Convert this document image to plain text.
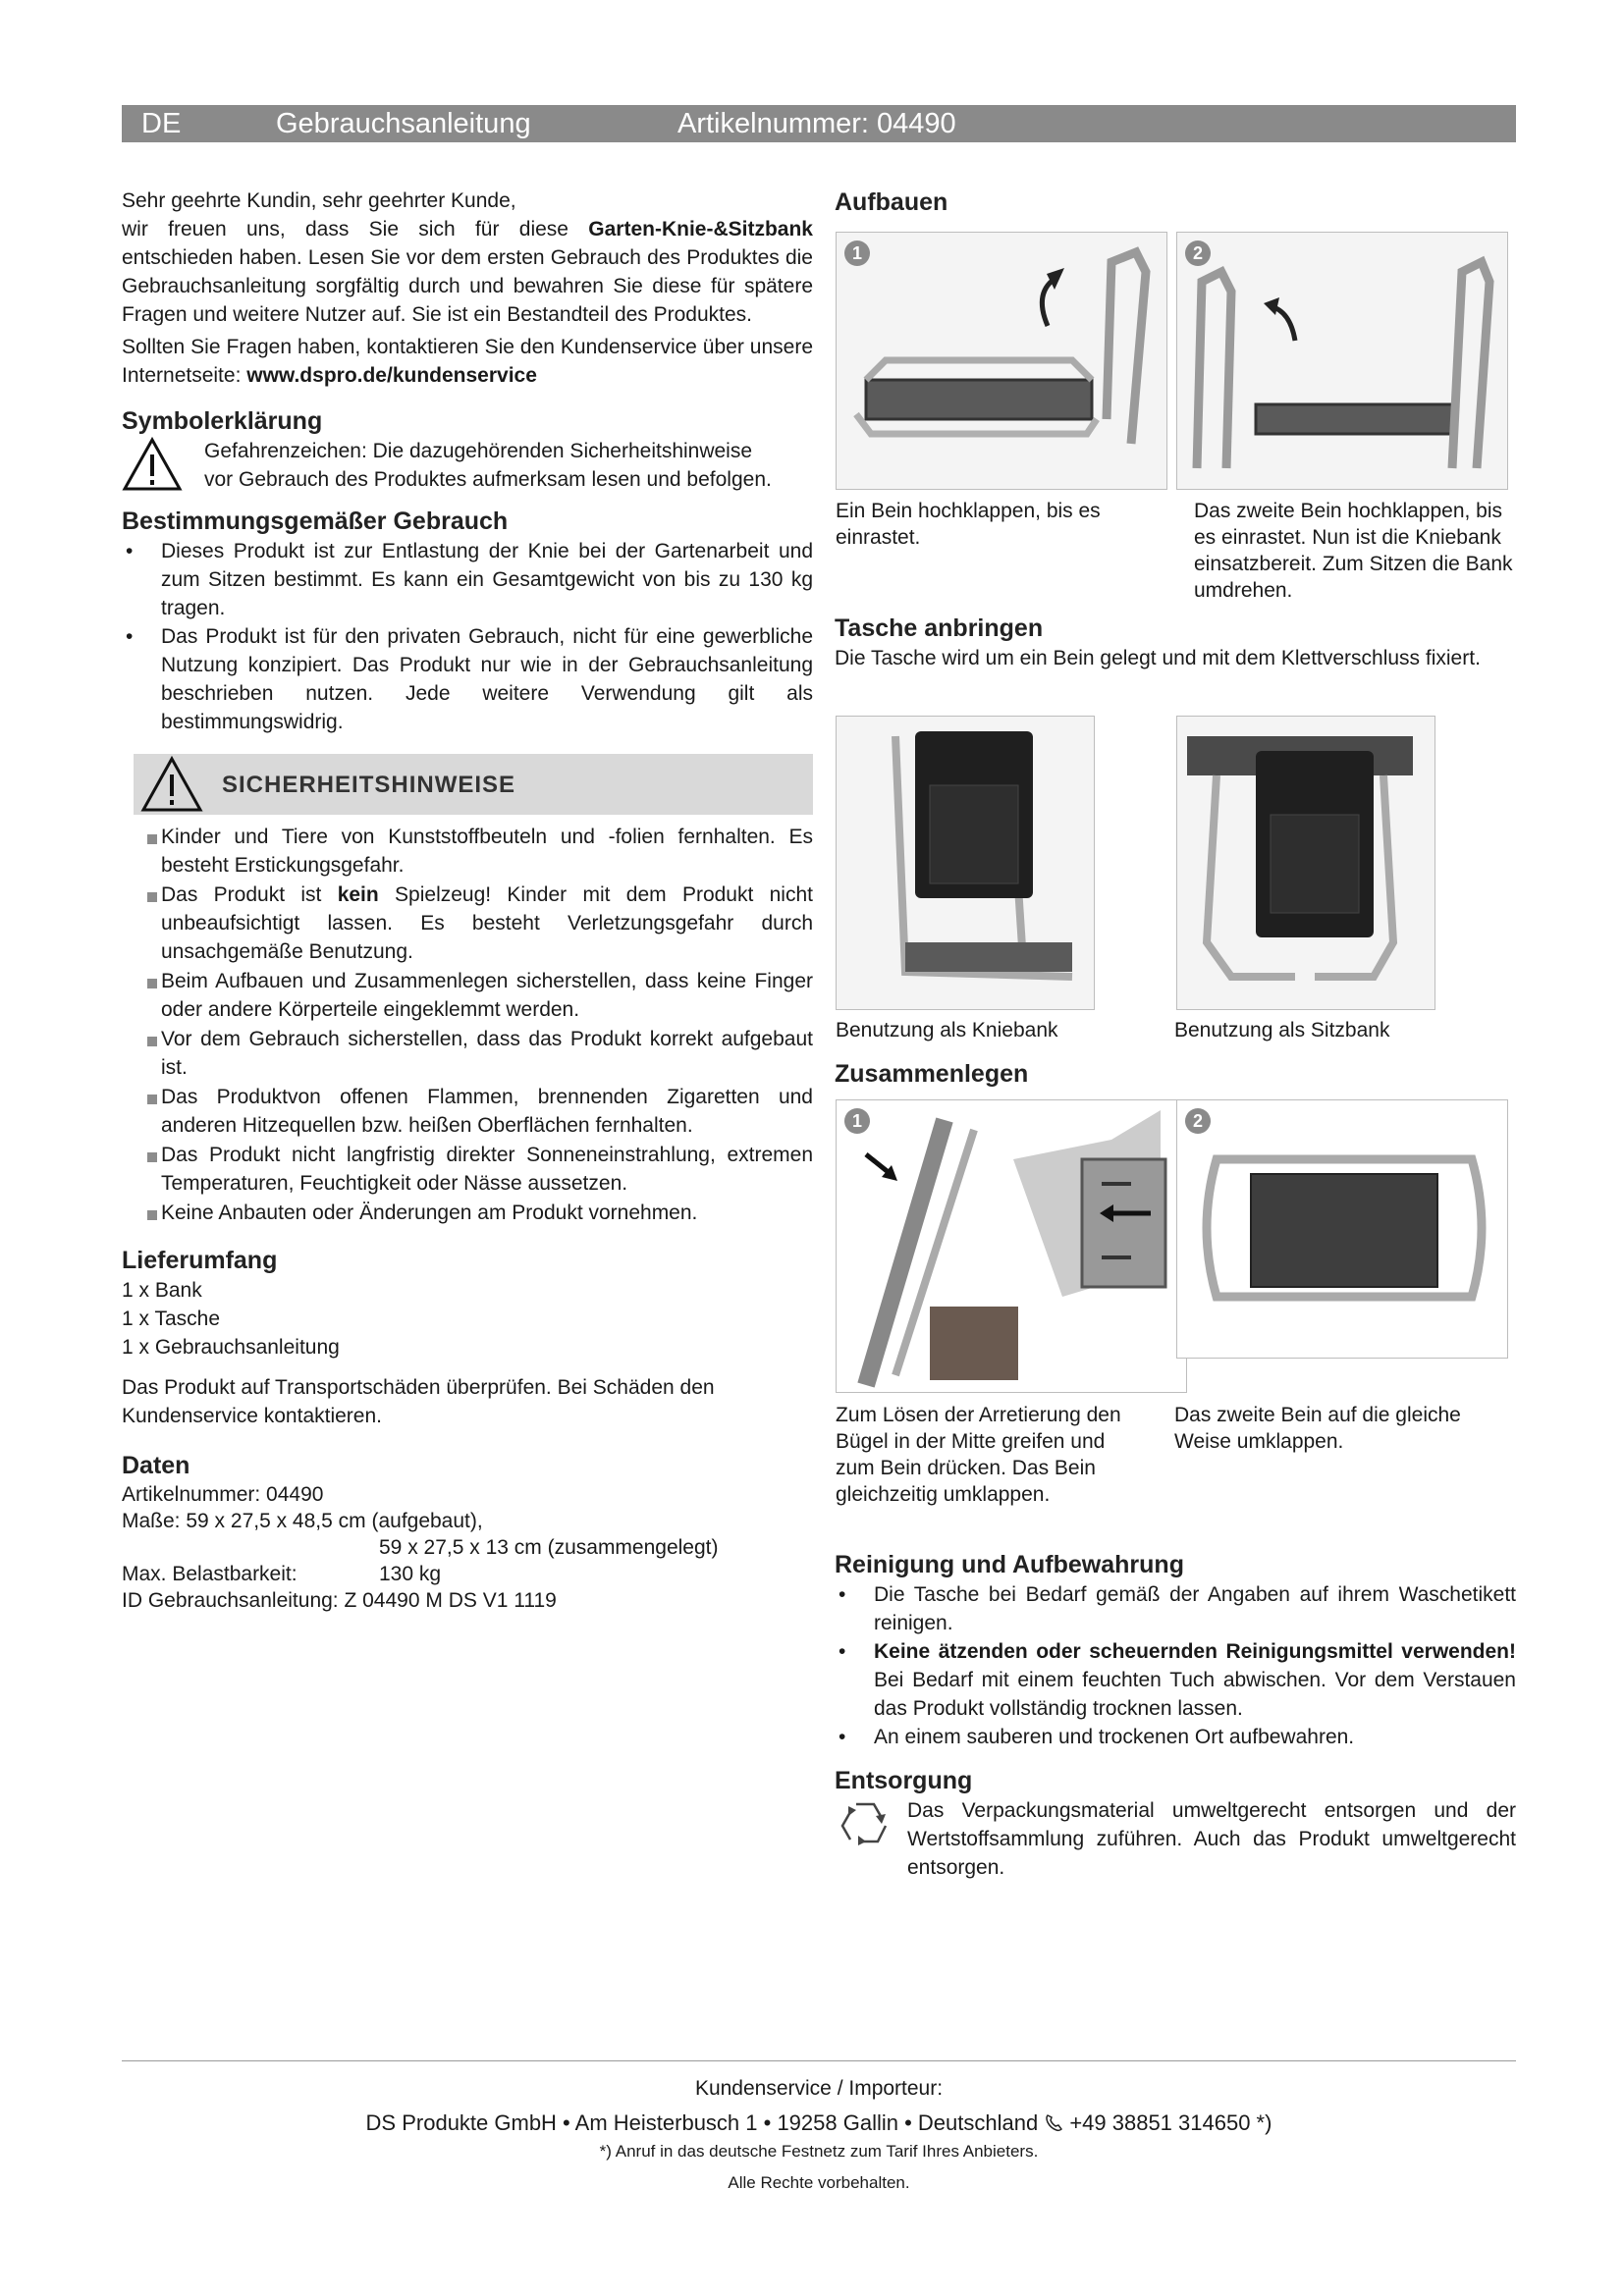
DE	Gebrauchsanleitung	Artikelnummer: 04490

Sehr geehrte Kundin, sehr geehrter Kunde,

wir freuen uns, dass Sie sich für diese Garten-Knie-&Sitzbank entschieden haben. Lesen Sie vor dem ersten Gebrauch des Produktes die Gebrauchsanleitung sorgfältig durch und bewahren Sie diese für spätere Fragen und weitere Nutzer auf. Sie ist ein Bestandteil des Produktes.

Sollten Sie Fragen haben, kontaktieren Sie den Kundenservice über unsere Internetseite: www.dspro.de/kundenservice

Symbolerklärung

Gefahrenzeichen: Die dazugehörenden Sicherheitshinweise vor Gebrauch des Produktes aufmerksam lesen und befolgen.

Bestimmungsgemäßer Gebrauch
• Dieses Produkt ist zur Entlastung der Knie bei der Gartenarbeit und zum Sitzen bestimmt. Es kann ein Gesamtgewicht von bis zu 130 kg tragen.
• Das Produkt ist für den privaten Gebrauch, nicht für eine gewerbliche Nutzung konzipiert. Das Produkt nur wie in der Gebrauchsanleitung beschrieben nutzen. Jede weitere Verwendung gilt als bestimmungswidrig.
SICHERHEITSHINWEISE
Kinder und Tiere von Kunststoffbeuteln und -folien fernhalten. Es besteht Erstickungsgefahr.
Das Produkt ist kein Spielzeug! Kinder mit dem Produkt nicht unbeaufsichtigt lassen. Es besteht Verletzungsgefahr durch unsachgemäße Benutzung.
Beim Aufbauen und Zusammenlegen sicherstellen, dass keine Finger oder andere Körperteile eingeklemmt werden.
Vor dem Gebrauch sicherstellen, dass das Produkt korrekt aufgebaut ist.
Das Produktvon offenen Flammen, brennenden Zigaretten und anderen Hitzequellen bzw. heißen Oberflächen fernhalten.
Das Produkt nicht langfristig direkter Sonneneinstrahlung, extremen Temperaturen, Feuchtigkeit oder Nässe aussetzen.
Keine Anbauten oder Änderungen am Produkt vornehmen.
Lieferumfang

1 x Bank

1 x Tasche

1 x Gebrauchsanleitung

Das Produkt auf Transportschäden überprüfen. Bei Schäden den Kundenservice kontaktieren.

Daten

Artikelnummer: 04490

Maße: 59 x 27,5 x 48,5 cm (aufgebaut),

59 x 27,5 x 13 cm (zusammengelegt)

Max. Belastbarkeit:	130 kg

ID Gebrauchsanleitung: Z 04490 M DS V1 1119

Aufbauen
1
Ein Bein hochklappen, bis es einrastet.
2
Das zweite Bein hochklappen, bis es einrastet. Nun ist die Kniebank einsatzbereit. Zum Sitzen die Bank umdrehen.
Tasche anbringen

Die Tasche wird um ein Bein gelegt und mit dem Klettverschluss fixiert.

Benutzung als Kniebank	Benutzung als Sitzbank
Zusammenlegen
1
Zum Lösen der Arretierung den Bügel in der Mitte greifen und zum Bein drücken. Das Bein gleichzeitig umklappen.
2
Das zweite Bein auf die gleiche Weise umklappen.
Reinigung und Aufbewahrung
• Die Tasche bei Bedarf gemäß der Angaben auf ihrem Waschetikett reinigen.
• Keine ätzenden oder scheuernden Reinigungsmittel verwenden! Bei Bedarf mit einem feuchten Tuch abwischen. Vor dem Verstauen das Produkt vollständig trocknen lassen.
• An einem sauberen und trockenen Ort aufbewahren.
Entsorgung

Das Verpackungsmaterial umweltgerecht entsorgen und der Wertstoffsammlung zuführen. Auch das Produkt umweltgerecht entsorgen.

Kundenservice / Importeur:
DS Produkte GmbH • Am Heisterbusch 1 • 19258 Gallin • Deutschland +49 38851 314650 *)
*) Anruf in das deutsche Festnetz zum Tarif Ihres Anbieters.
Alle Rechte vorbehalten.
